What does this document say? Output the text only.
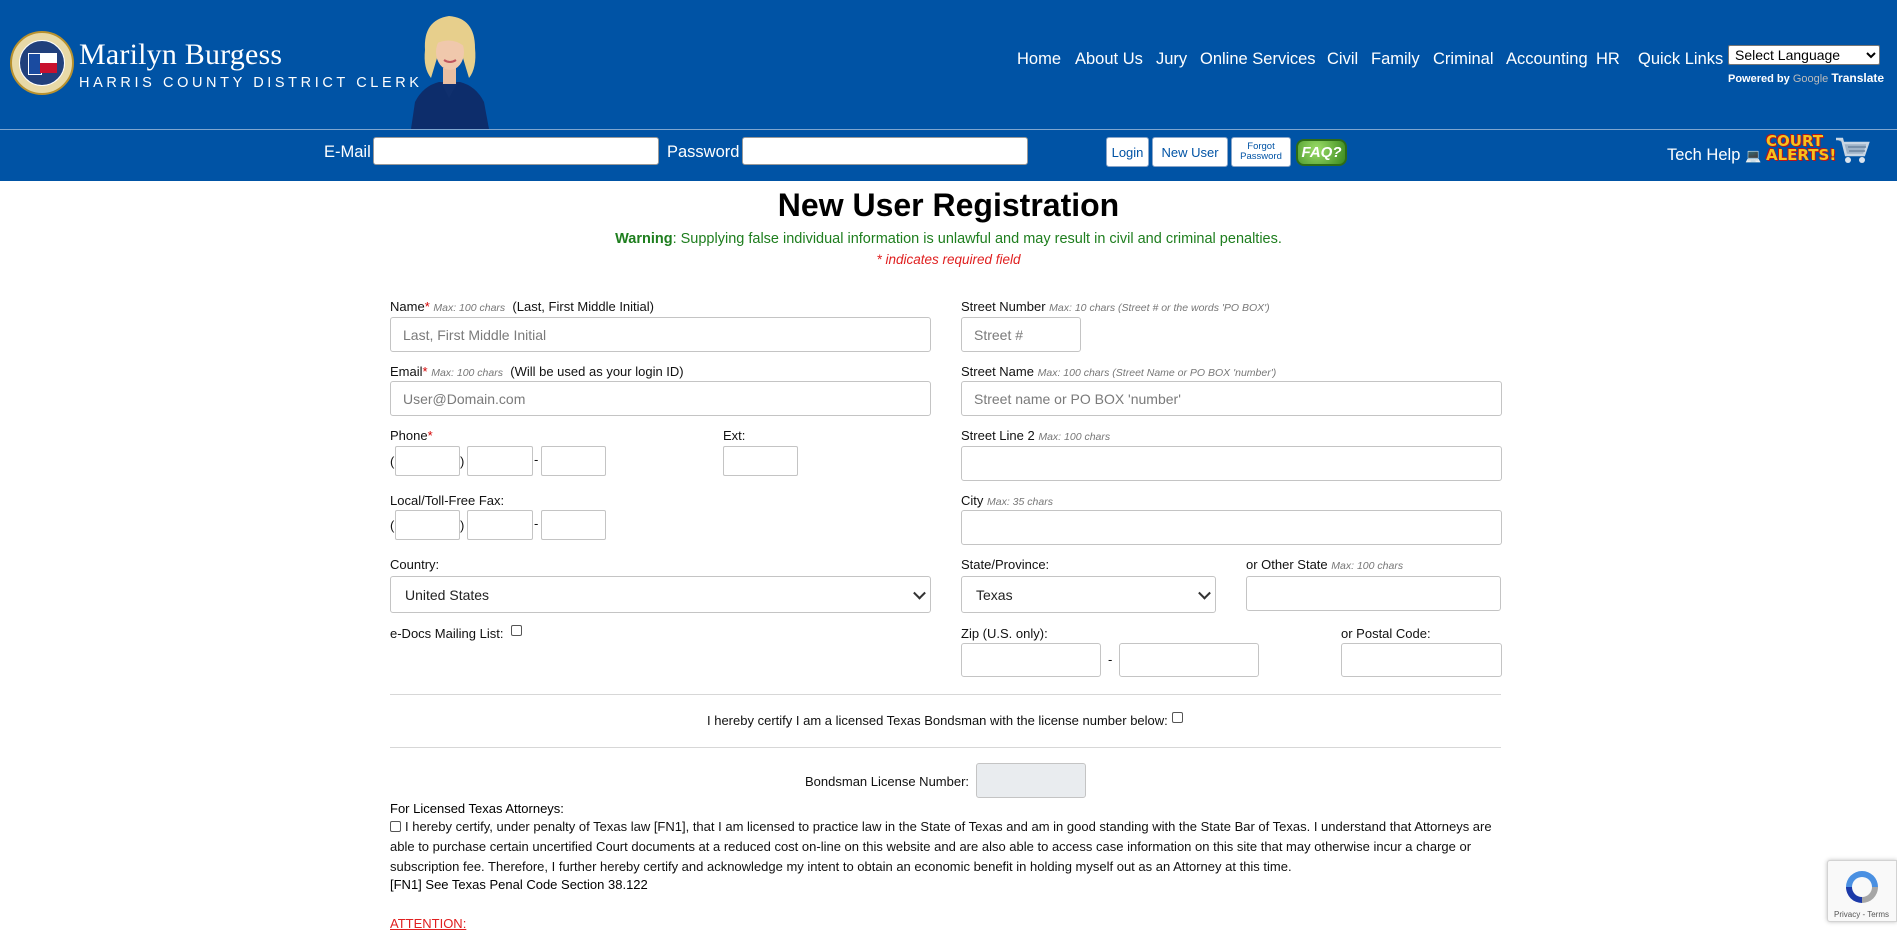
Marilyn Burgess
HARRIS COUNTY DISTRICT CLERK
Home About Us Jury Online Services Civil Family Criminal Accounting HR Quick Links
Select Language
Powered by Google Translate
August 15, 2022 [Z2A]
E-Mail	Password	Login New User	Forgot
Password FAQ?	Tech Help 💻
COURT
ALERTS!
New User Registration
Warning: Supplying false individual information is unlawful and may result in civil and criminal penalties.
* indicates required field
Name* Max: 100 chars (Last, First Middle Initial)
Last, First Middle Initial
Email* Max: 100 chars (Will be used as your login ID)
User@Domain.com
Phone*
(	)	-
Ext:
Local/Toll-Free Fax:
(	)	-
Country:
United States
e-Docs Mailing List:
Street Number Max: 10 chars (Street # or the words 'PO BOX')
Street #
Street Name Max: 100 chars (Street Name or PO BOX 'number')
Street name or PO BOX 'number'
Street Line 2 Max: 100 chars
City Max: 35 chars
State/Province:
Texas
or Other State Max: 100 chars
Zip (U.S. only):
-
or Postal Code:
I hereby certify I am a licensed Texas Bondsman with the license number below:
Bondsman License Number:
For Licensed Texas Attorneys:
I hereby certify, under penalty of Texas law [FN1], that I am licensed to practice law in the State of Texas and am in good standing with the State Bar of Texas. I understand that Attorneys are able to purchase certain uncertified Court documents at a reduced cost on-line on this website and are also able to access case information on this site that may otherwise incur a charge or subscription fee. Therefore, I further hereby certify and acknowledge my intent to obtain an economic benefit in holding myself out as an Attorney at this time.
[FN1] See Texas Penal Code Section 38.122
ATTENTION:
Privacy - Terms
